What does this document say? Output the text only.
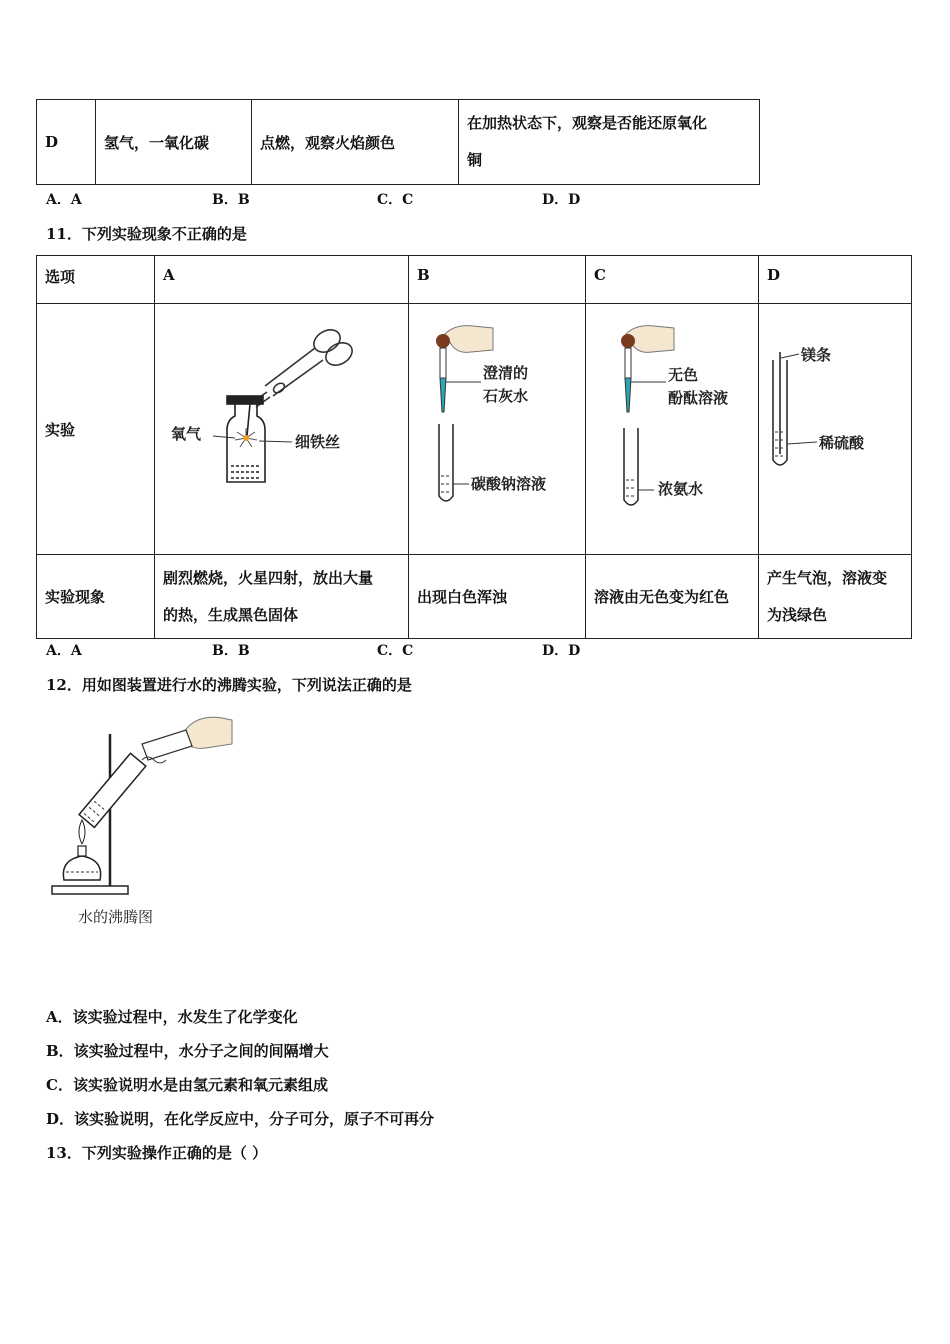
D	氢气，一氧化碳	点燃，观察火焰颜色	在加热状态下，观察是否能还原氧化
铜
A．A	B．B	C．C	D．D
11．下列实验现象不正确的是
选项	A	B	C	D
实验	氧气 细铁丝	澄清的
石灰水
碳酸钠溶液	无色
酚酞溶液
浓氨水	镁条
稀硫酸

实验现象	剧烈燃烧，火星四射，放出大量
的热，生成黑色固体	出现白色浑浊	溶液由无色变为红色	产生气泡，溶液变
为浅绿色
A．A	B．B	C．C	D．D
12．用如图装置进行水的沸腾实验，下列说法正确的是
水的沸腾图
A．该实验过程中，水发生了化学变化
B．该实验过程中，水分子之间的间隔增大
C．该实验说明水是由氢元素和氧元素组成
D．该实验说明，在化学反应中，分子可分，原子不可再分
13．下列实验操作正确的是（ ）
